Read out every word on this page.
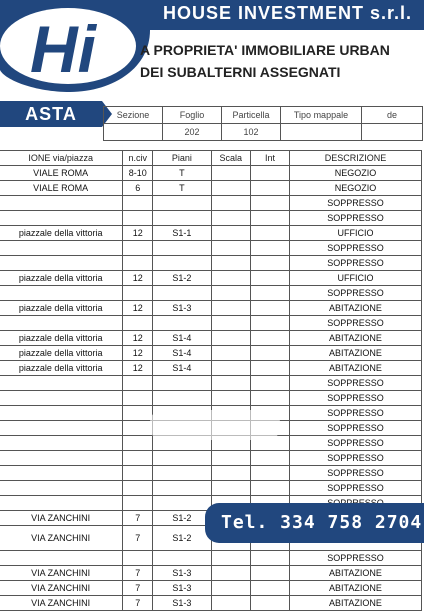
HOUSE INVESTMENT s.r.l.
Hi	A PROPRIETA' IMMOBILIARE URBAN
DEI SUBALTERNI ASSEGNATI
ASTA	Sezione	Foglio	Particella	Tipo mappale	de
	202	102		
IONE via/piazza	n.civ	Piani	Scala	Int	DESCRIZIONE
VIALE ROMA	8-10	T			NEGOZIO
VIALE ROMA	6	T			NEGOZIO
					SOPPRESSO
					SOPPRESSO
piazzale della vittoria	12	S1-1			UFFICIO
					SOPPRESSO
					SOPPRESSO
piazzale della vittoria	12	S1-2			UFFICIO
					SOPPRESSO
piazzale della vittoria	12	S1-3			ABITAZIONE
					SOPPRESSO
piazzale della vittoria	12	S1-4			ABITAZIONE
piazzale della vittoria	12	S1-4			ABITAZIONE
piazzale della vittoria	12	S1-4			ABITAZIONE
					SOPPRESSO
					SOPPRESSO
					SOPPRESSO
					SOPPRESSO
					SOPPRESSO
					SOPPRESSO
					SOPPRESSO
					SOPPRESSO

VIA ZANCHINI	7	S1-2			
VIA ZANCHINI	7	S1-2			
					SOPPRESSO
VIA ZANCHINI	7	S1-3			ABITAZIONE
VIA ZANCHINI	7	S1-3			ABITAZIONE
VIA ZANCHINI	7	S1-3			ABITAZIONE
Tel. 334 758 2704
